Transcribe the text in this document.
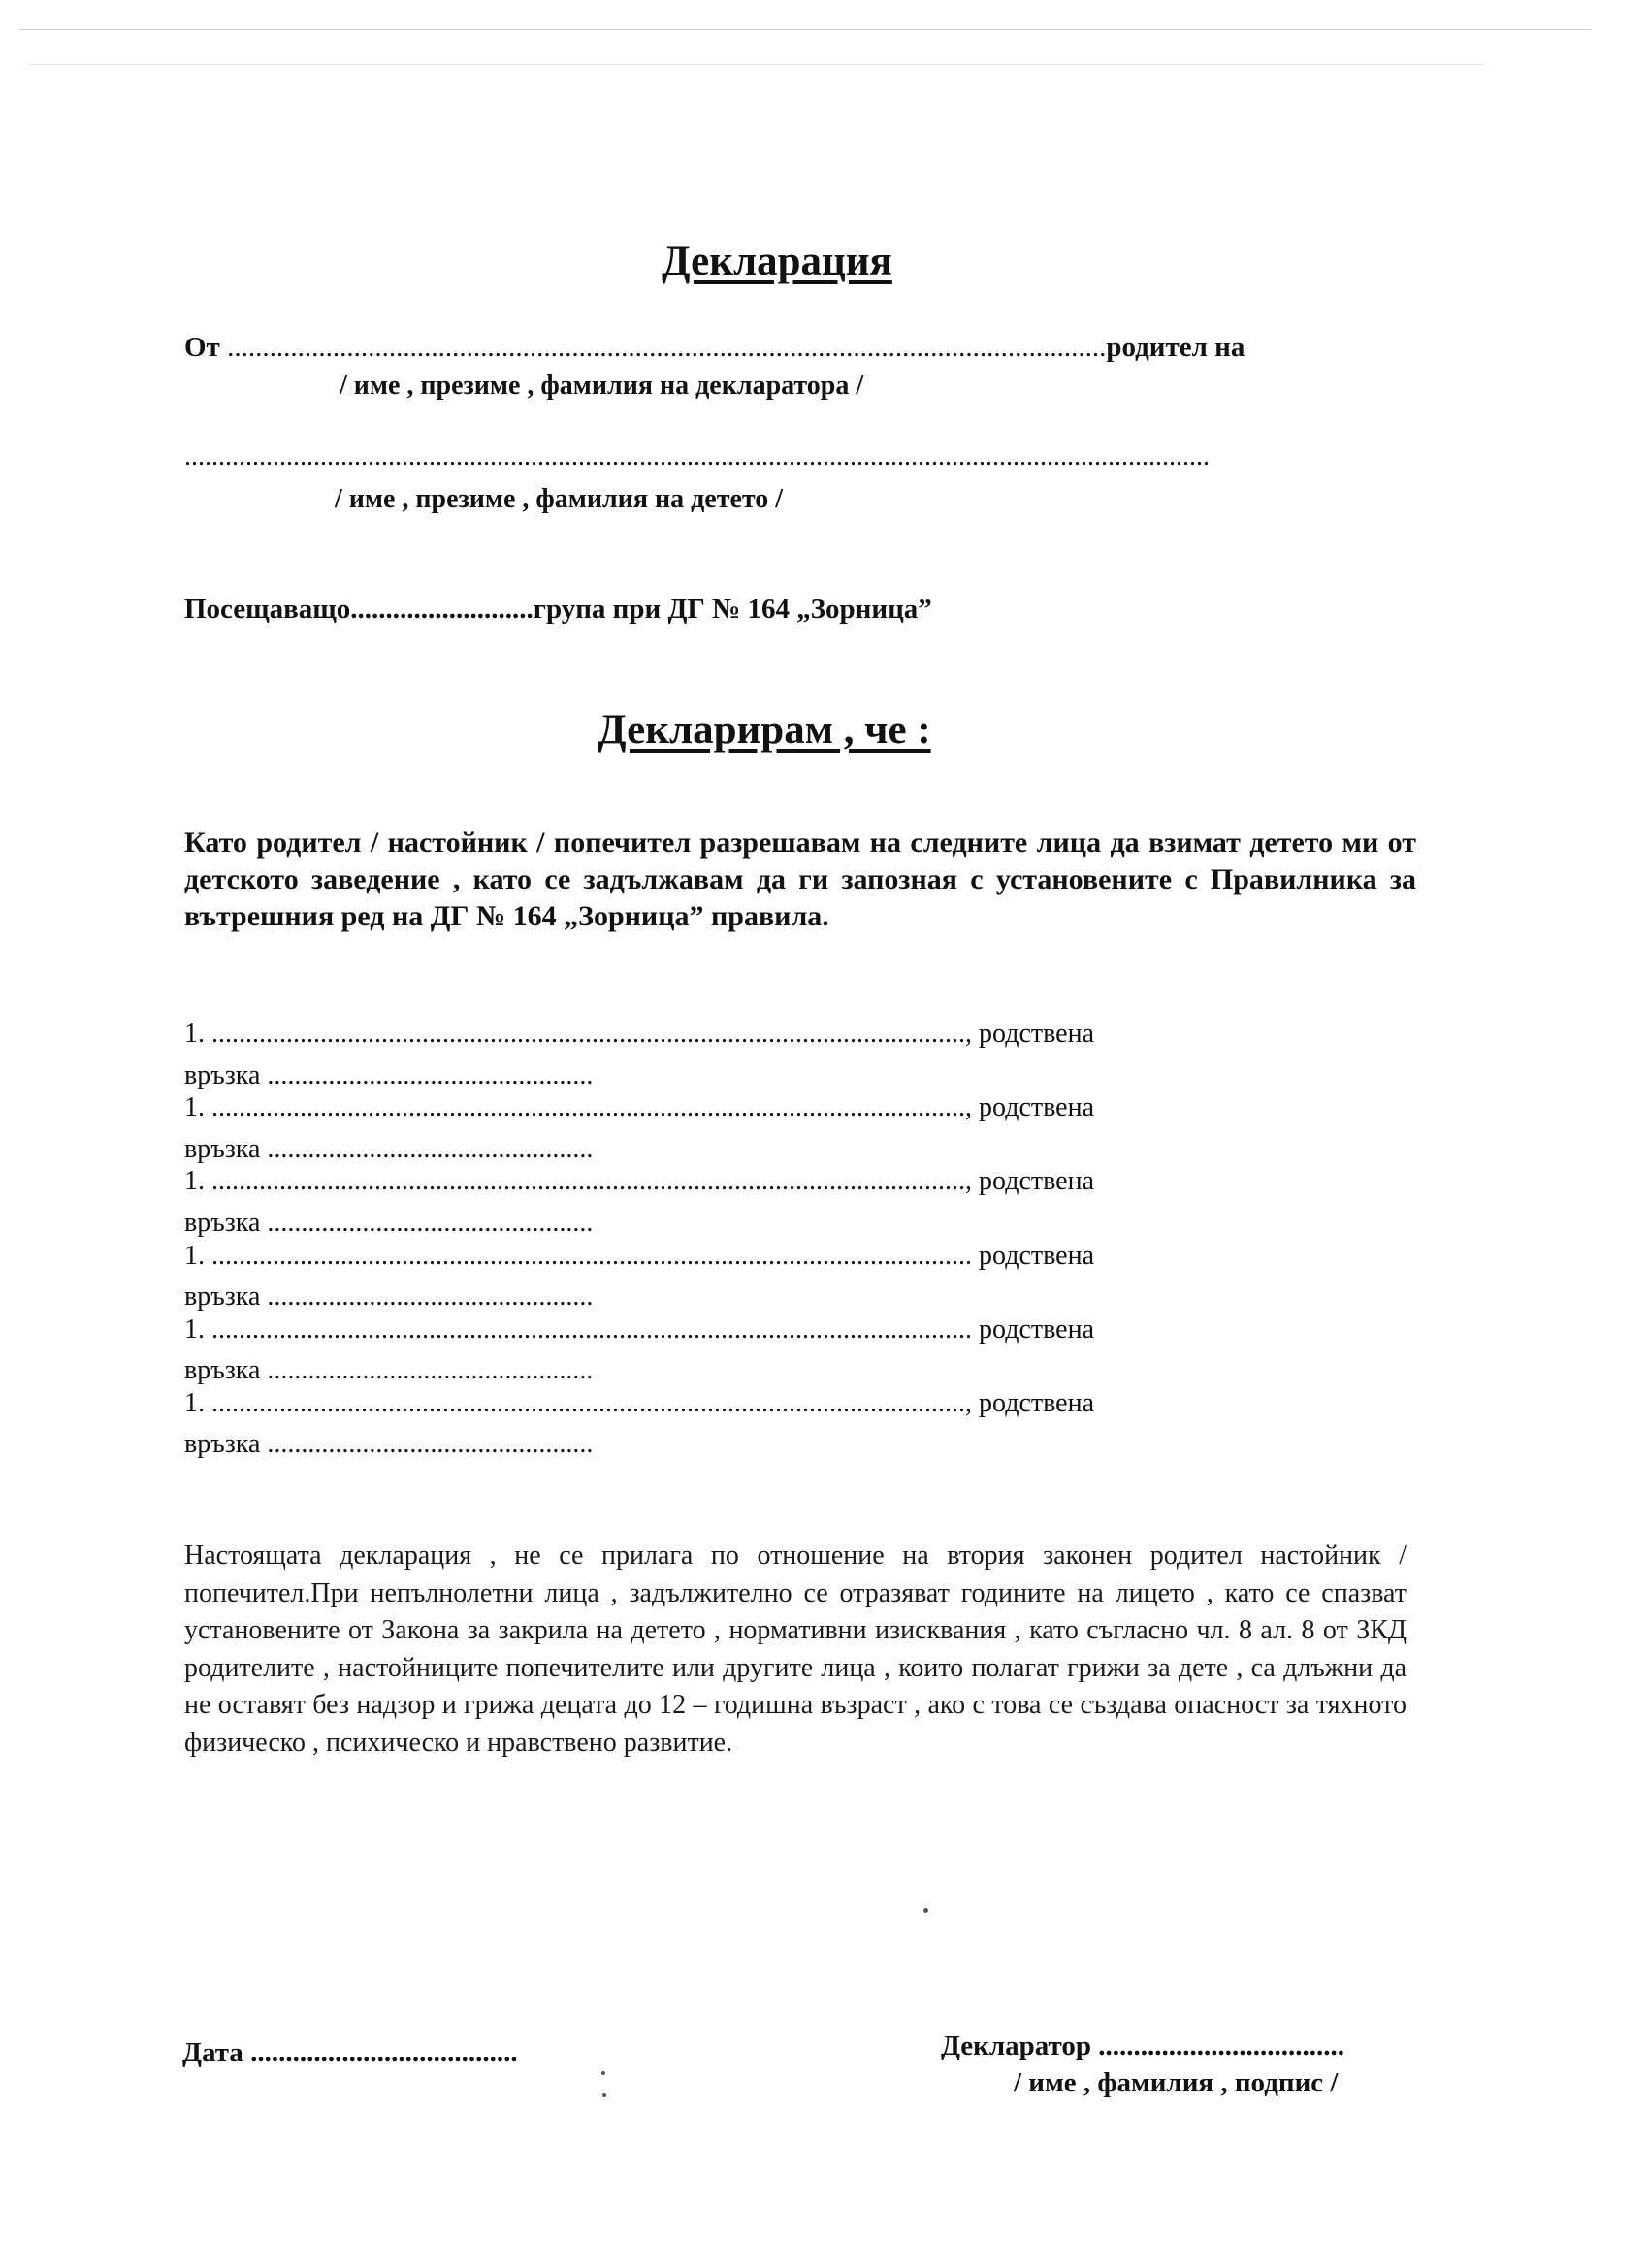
Декларация
От .............................................................................................................................родител на
/ име , презиме , фамилия на декларатора /
.......................................................................................................................................................
/ име , презиме , фамилия на детето /
Посещаващо..........................група при ДГ № 164 „Зорница”
Декларирам , че :

Като родител / настойник / попечител разрешавам на следните лица да взимат детето ми от детското заведение , като се задължавам да ги запозная с установените с Правилника за вътрешния ред на ДГ № 164 „Зорница” правила.

1. ..............................................................................................................., родствена
връзка ................................................
1. ..............................................................................................................., родствена
връзка ................................................
1. ..............................................................................................................., родствена
връзка ................................................
1. ................................................................................................................ родствена
връзка ................................................
1. ................................................................................................................ родствена
връзка ................................................
1. ..............................................................................................................., родствена
връзка ................................................

Настоящата декларация , не се прилага по отношение на втория законен родител настойник / попечител.При непълнолетни лица , задължително се отразяват годините на лицето , като се спазват установените от Закона за закрила на детето , нормативни изисквания , като съгласно чл. 8 ал. 8 от ЗКД родителите , настойниците попечителите или другите лица , които полагат грижи за дете , са длъжни да не оставят без надзор и грижа децата до 12 – годишна възраст , ако с това се създава опасност за тяхното физическо , психическо и нравствено развитие.

Дата ......................................	Декларатор ...................................
/ име , фамилия , подпис /
